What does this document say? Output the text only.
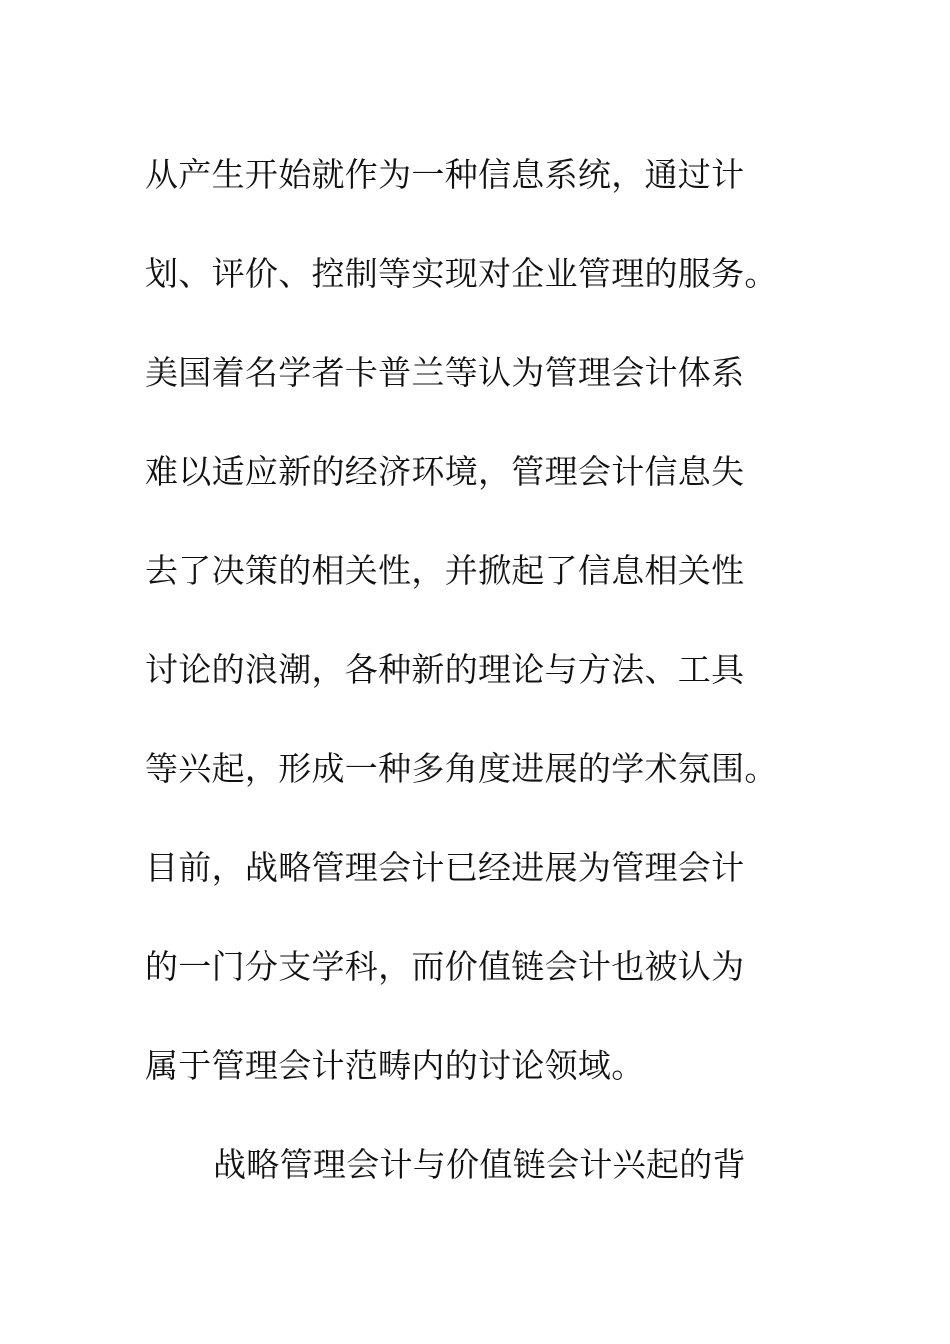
从产生开始就作为一种信息系统，通过计
划、评价、控制等实现对企业管理的服务。
美国着名学者卡普兰等认为管理会计体系
难以适应新的经济环境，管理会计信息失
去了决策的相关性，并掀起了信息相关性
讨论的浪潮，各种新的理论与方法、工具
等兴起，形成一种多角度进展的学术氛围。
目前，战略管理会计已经进展为管理会计
的一门分支学科，而价值链会计也被认为
属于管理会计范畴内的讨论领域。
战略管理会计与价值链会计兴起的背
